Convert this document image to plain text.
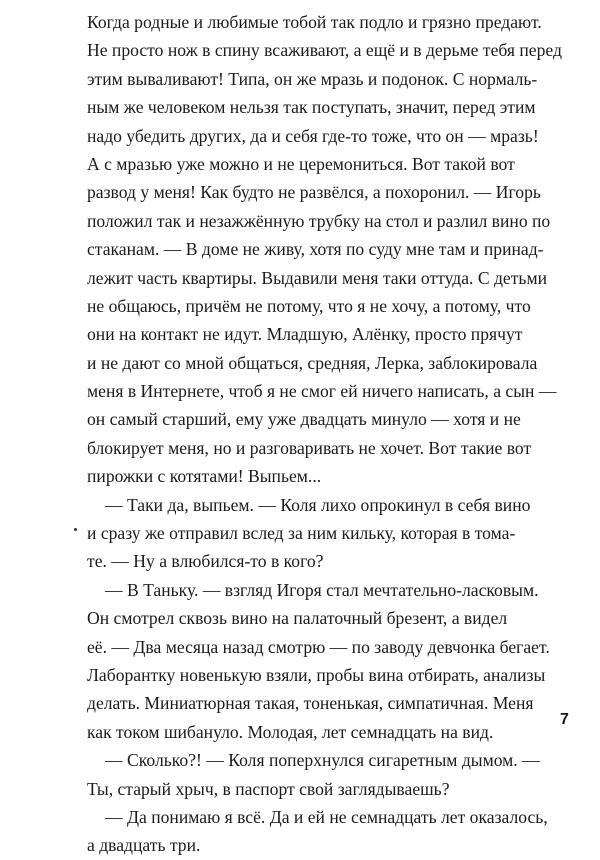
Когда родные и любимые тобой так подло и грязно предают.
Не просто нож в спину всаживают, а ещё и в дерьме тебя перед
этим вываливают! Типа, он же мразь и подонок. С нормаль-
ным же человеком нельзя так поступать, значит, перед этим
надо убедить других, да и себя где-то тоже, что он — мразь!
А с мразью уже можно и не церемониться. Вот такой вот
развод у меня! Как будто не развёлся, а похоронил. — Игорь
положил так и незажжённую трубку на стол и разлил вино по
стаканам. — В доме не живу, хотя по суду мне там и принад-
лежит часть квартиры. Выдавили меня таки оттуда. С детьми
не общаюсь, причём не потому, что я не хочу, а потому, что
они на контакт не идут. Младшую, Алёнку, просто прячут
и не дают со мной общаться, средняя, Лерка, заблокировала
меня в Интернете, чтоб я не смог ей ничего написать, а сын —
он самый старший, ему уже двадцать минуло — хотя и не
блокирует меня, но и разговаривать не хочет. Вот такие вот
пирожки с котятами! Выпьем...
— Таки да, выпьем. — Коля лихо опрокинул в себя вино
и сразу же отправил вслед за ним кильку, которая в тома-
те. — Ну а влюбился-то в кого?
— В Таньку. — взгляд Игоря стал мечтательно-ласковым.
Он смотрел сквозь вино на палаточный брезент, а видел
её. — Два месяца назад смотрю — по заводу девчонка бегает.
Лаборантку новенькую взяли, пробы вина отбирать, анализы
делать. Миниатюрная такая, тоненькая, симпатичная. Меня
как током шибануло. Молодая, лет семнадцать на вид.
— Сколько?! — Коля поперхнулся сигаретным дымом. —
Ты, старый хрыч, в паспорт свой заглядываешь?
— Да понимаю я всё. Да и ей не семнадцать лет оказалось,
а двадцать три.
7
